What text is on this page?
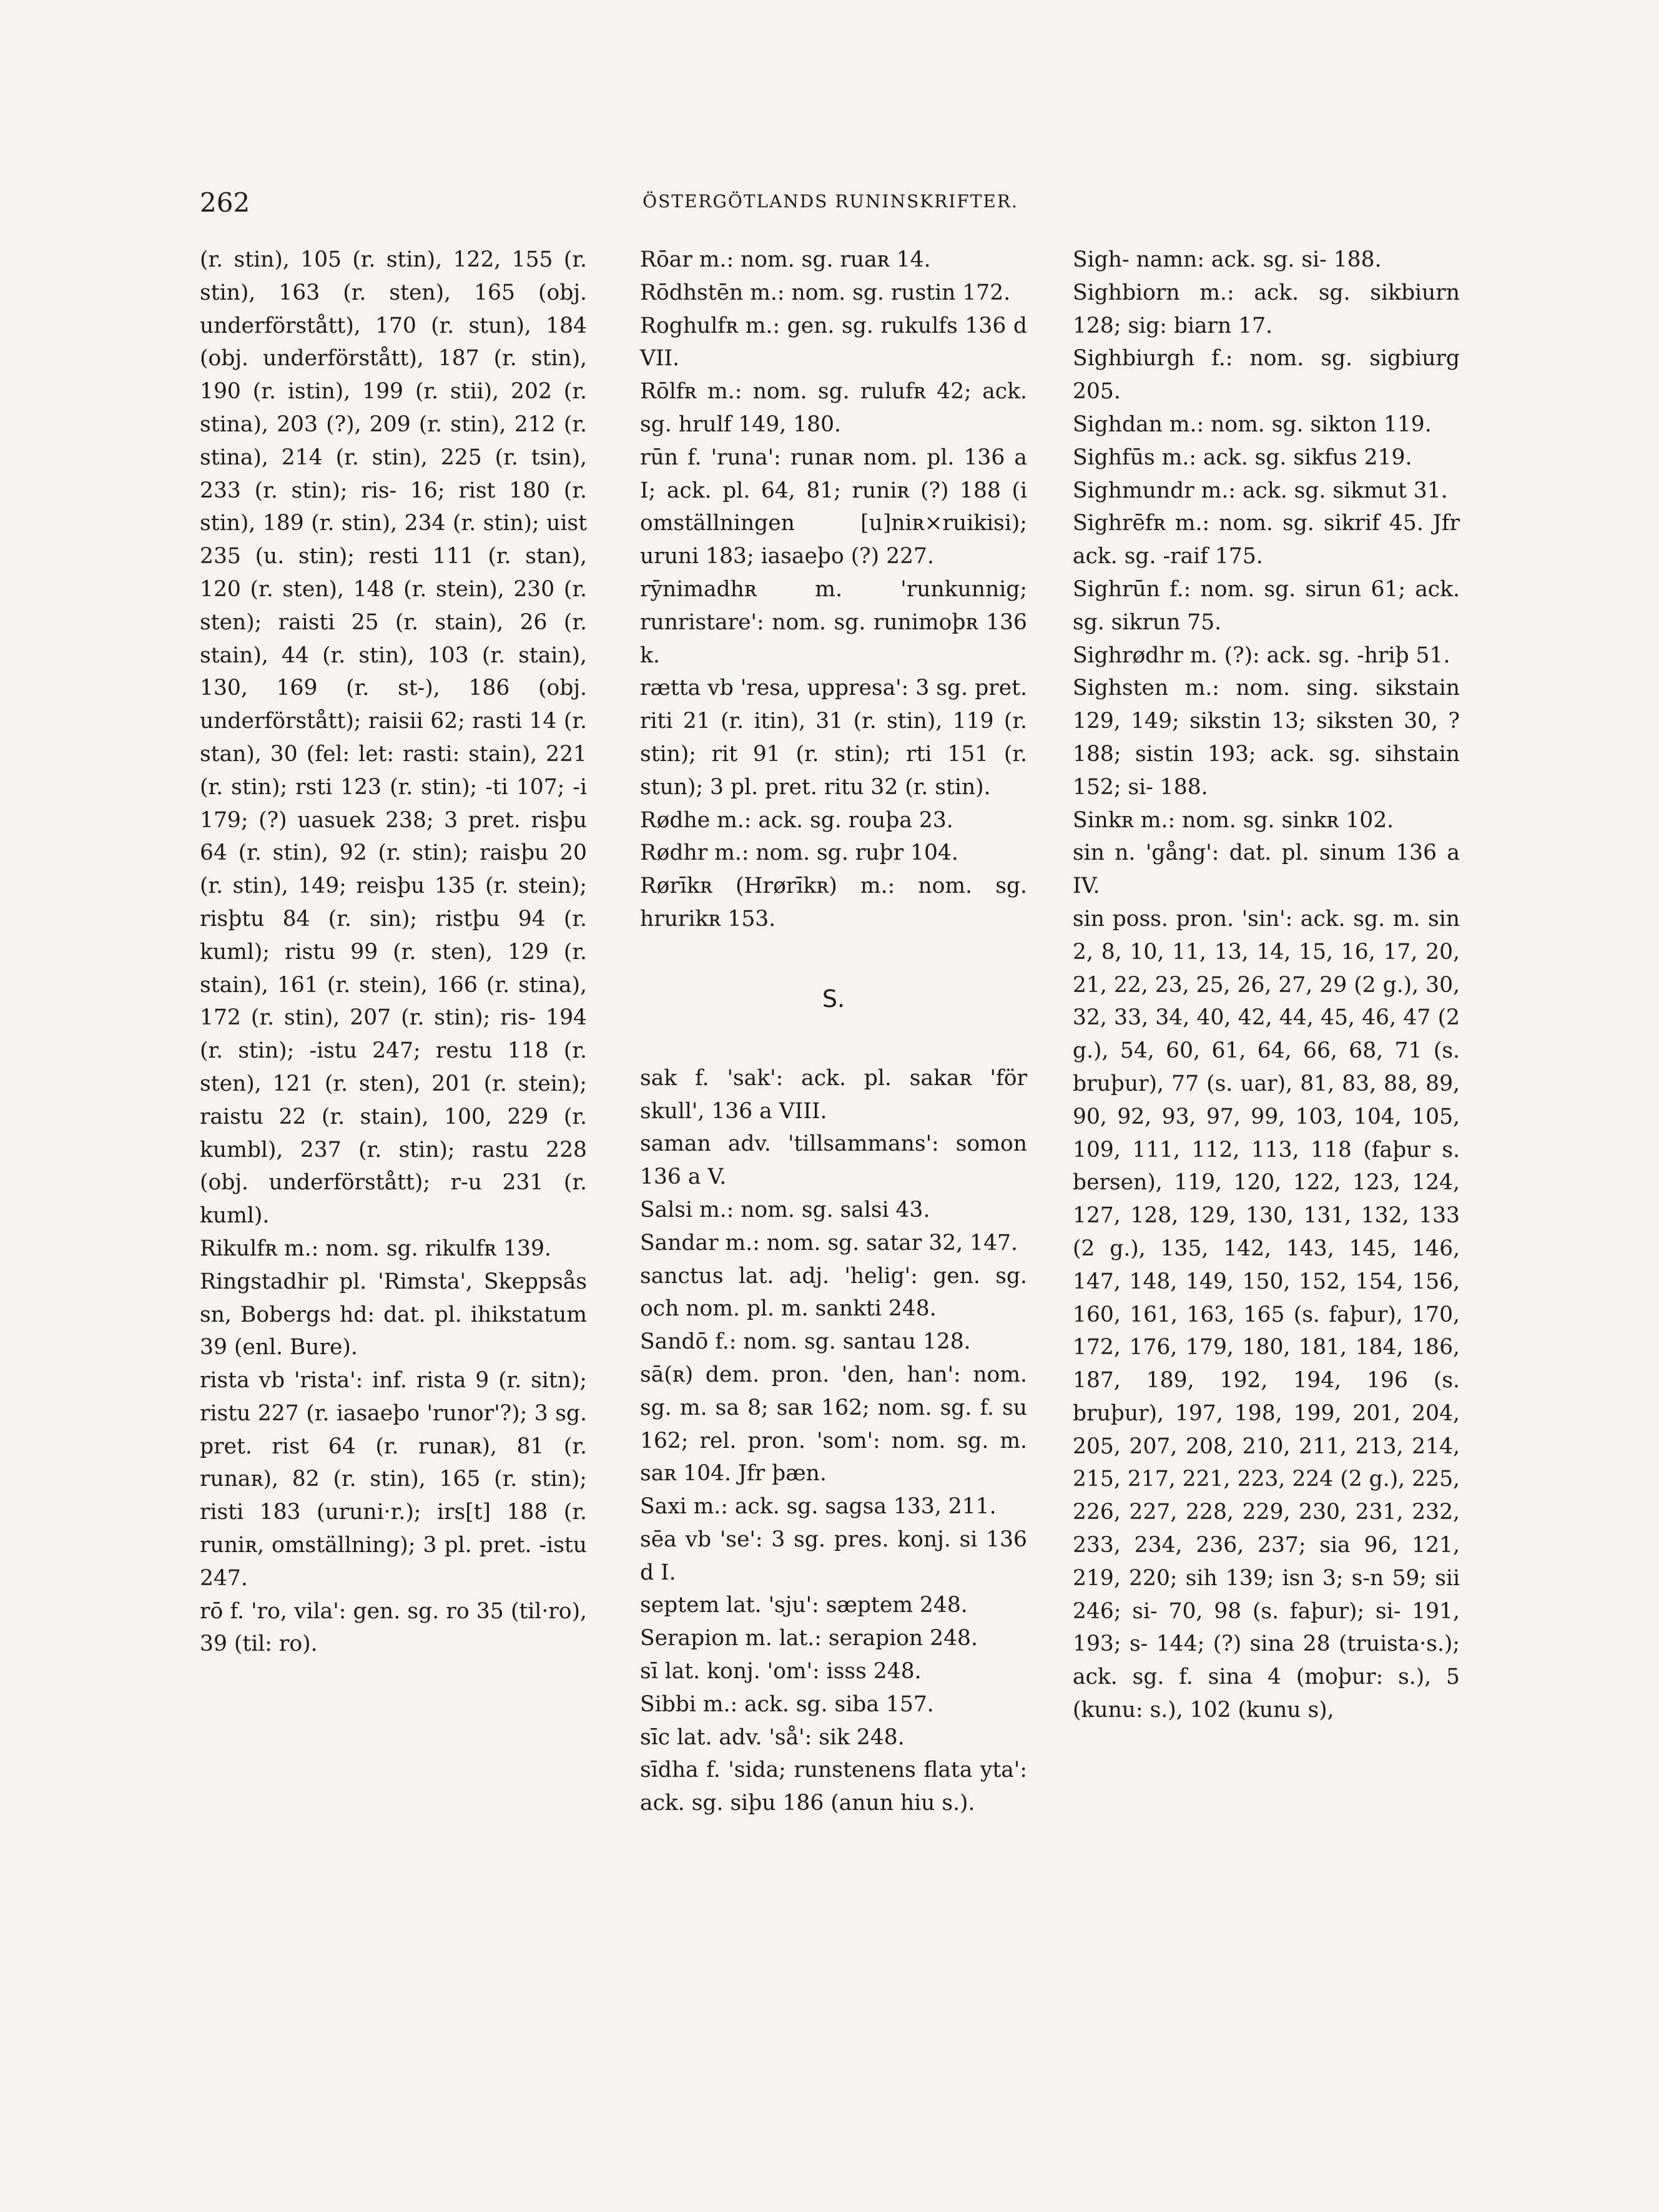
262	ÖSTERGÖTLANDS RUNINSKRIFTER.

(r. stin), 105 (r. stin), 122, 155 (r. stin), 163 (r. sten), 165 (obj. underförstått), 170 (r. stun), 184 (obj. underförstått), 187 (r. stin), 190 (r. istin), 199 (r. stii), 202 (r. stina), 203 (?), 209 (r. stin), 212 (r. stina), 214 (r. stin), 225 (r. tsin), 233 (r. stin); ris- 16; rist 180 (r. stin), 189 (r. stin), 234 (r. stin); uist 235 (u. stin); resti 111 (r. stan), 120 (r. sten), 148 (r. stein), 230 (r. sten); raisti 25 (r. stain), 26 (r. stain), 44 (r. stin), 103 (r. stain), 130, 169 (r. st-), 186 (obj. underförstått); raisii 62; rasti 14 (r. stan), 30 (fel: let: rasti: stain), 221 (r. stin); rsti 123 (r. stin); -ti 107; -i 179; (?) uasuek 238; 3 pret. risþu 64 (r. stin), 92 (r. stin); raisþu 20 (r. stin), 149; reisþu 135 (r. stein); risþtu 84 (r. sin); ristþu 94 (r. kuml); ristu 99 (r. sten), 129 (r. stain), 161 (r. stein), 166 (r. stina), 172 (r. stin), 207 (r. stin); ris- 194 (r. stin); -istu 247; restu 118 (r. sten), 121 (r. sten), 201 (r. stein); raistu 22 (r. stain), 100, 229 (r. kumbl), 237 (r. stin); rastu 228 (obj. underförstått); r-u 231 (r. kuml).

Rikulfʀ m.: nom. sg. rikulfʀ 139.

Ringstadhir pl. 'Rimsta', Skeppsås sn, Bobergs hd: dat. pl. ihikstatum 39 (enl. Bure).

rista vb 'rista': inf. rista 9 (r. sitn); ristu 227 (r. iasaeþo 'runor'?); 3 sg. pret. rist 64 (r. runaʀ), 81 (r. runaʀ), 82 (r. stin), 165 (r. stin); risti 183 (uruni·r.); irs[t] 188 (r. runiʀ, omställning); 3 pl. pret. -istu 247.

rō f. 'ro, vila': gen. sg. ro 35 (til·ro), 39 (til: ro).

Rōar m.: nom. sg. ruaʀ 14.

Rōdhstēn m.: nom. sg. rustin 172.

Roghulfʀ m.: gen. sg. rukulfs 136 d VII.

Rōlfʀ m.: nom. sg. rulufʀ 42; ack. sg. hrulf 149, 180.

rūn f. 'runa': runaʀ nom. pl. 136 a I; ack. pl. 64, 81; runiʀ (?) 188 (i omställningen [u]niʀ×ruikisi); uruni 183; iasaeþo (?) 227.

rȳnimadhʀ m. 'runkunnig; runristare': nom. sg. runimoþʀ 136 k.

rætta vb 'resa, uppresa': 3 sg. pret. riti 21 (r. itin), 31 (r. stin), 119 (r. stin); rit 91 (r. stin); rti 151 (r. stun); 3 pl. pret. ritu 32 (r. stin).

Rødhe m.: ack. sg. rouþa 23.

Rødhr m.: nom. sg. ruþr 104.

Rørīkʀ (Hrørīkʀ) m.: nom. sg. hrurikʀ 153.

S.

sak f. 'sak': ack. pl. sakaʀ 'för skull', 136 a VIII.

saman adv. 'tillsammans': somon 136 a V.

Salsi m.: nom. sg. salsi 43.

Sandar m.: nom. sg. satar 32, 147.

sanctus lat. adj. 'helig': gen. sg. och nom. pl. m. sankti 248.

Sandō f.: nom. sg. santau 128.

sā(ʀ) dem. pron. 'den, han': nom. sg. m. sa 8; saʀ 162; nom. sg. f. su 162; rel. pron. 'som': nom. sg. m. saʀ 104. Jfr þæn.

Saxi m.: ack. sg. sagsa 133, 211.

sēa vb 'se': 3 sg. pres. konj. si 136 d I.

septem lat. 'sju': sæptem 248.

Serapion m. lat.: serapion 248.

sī lat. konj. 'om': isss 248.

Sibbi m.: ack. sg. siba 157.

sīc lat. adv. 'så': sik 248.

sīdha f. 'sida; runstenens flata yta': ack. sg. siþu 186 (anun hiu s.).

Sigh- namn: ack. sg. si- 188.

Sighbiorn m.: ack. sg. sikbiurn 128; sig: biarn 17.

Sighbiurgh f.: nom. sg. sigbiurg 205.

Sighdan m.: nom. sg. sikton 119.

Sighfūs m.: ack. sg. sikfus 219.

Sighmundr m.: ack. sg. sikmut 31.

Sighrēfʀ m.: nom. sg. sikrif 45. Jfr ack. sg. -raif 175.

Sighrūn f.: nom. sg. sirun 61; ack. sg. sikrun 75.

Sighrødhr m. (?): ack. sg. -hriþ 51.

Sighsten m.: nom. sing. sikstain 129, 149; sikstin 13; siksten 30, ? 188; sistin 193; ack. sg. sihstain 152; si- 188.

Sinkʀ m.: nom. sg. sinkʀ 102.

sin n. 'gång': dat. pl. sinum 136 a IV.

sin poss. pron. 'sin': ack. sg. m. sin 2, 8, 10, 11, 13, 14, 15, 16, 17, 20, 21, 22, 23, 25, 26, 27, 29 (2 g.), 30, 32, 33, 34, 40, 42, 44, 45, 46, 47 (2 g.), 54, 60, 61, 64, 66, 68, 71 (s. bruþur), 77 (s. uar), 81, 83, 88, 89, 90, 92, 93, 97, 99, 103, 104, 105, 109, 111, 112, 113, 118 (faþur s. bersen), 119, 120, 122, 123, 124, 127, 128, 129, 130, 131, 132, 133 (2 g.), 135, 142, 143, 145, 146, 147, 148, 149, 150, 152, 154, 156, 160, 161, 163, 165 (s. faþur), 170, 172, 176, 179, 180, 181, 184, 186, 187, 189, 192, 194, 196 (s. bruþur), 197, 198, 199, 201, 204, 205, 207, 208, 210, 211, 213, 214, 215, 217, 221, 223, 224 (2 g.), 225, 226, 227, 228, 229, 230, 231, 232, 233, 234, 236, 237; sia 96, 121, 219, 220; sih 139; isn 3; s-n 59; sii 246; si- 70, 98 (s. faþur); si- 191, 193; s- 144; (?) sina 28 (truista·s.); ack. sg. f. sina 4 (moþur: s.), 5 (kunu: s.), 102 (kunu s),
